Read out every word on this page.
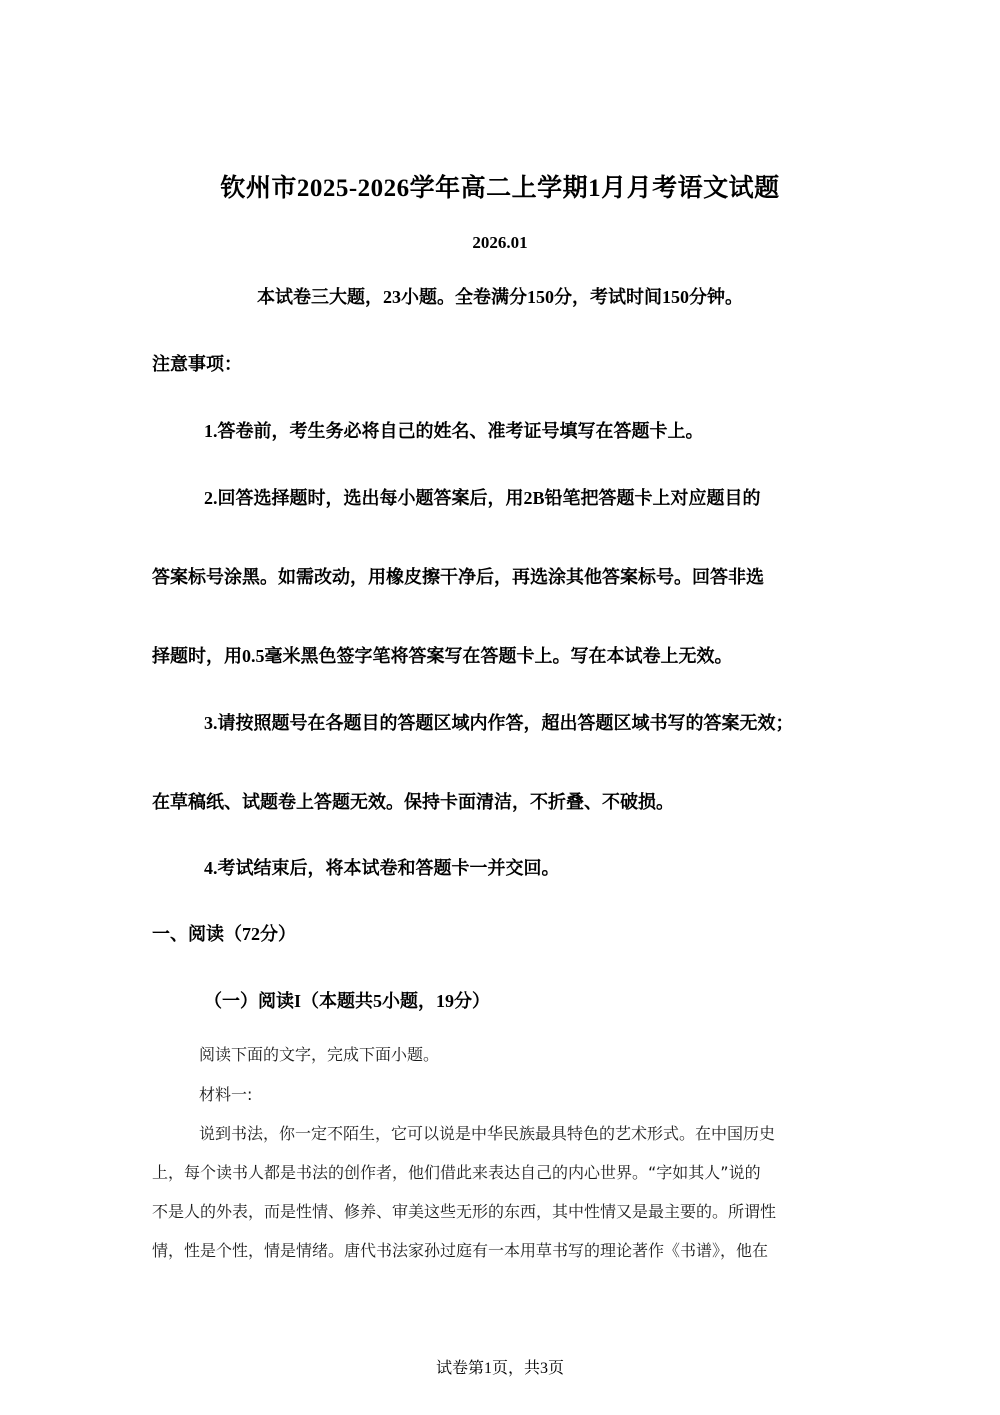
钦州市2025-2026学年高二上学期1月月考语文试题
2026.01
本试卷三大题，23小题。全卷满分150分，考试时间150分钟。
注意事项：
1.答卷前，考生务必将自己的姓名、准考证号填写在答题卡上。
2.回答选择题时，选出每小题答案后，用2B铅笔把答题卡上对应题目的
答案标号涂黑。如需改动，用橡皮擦干净后，再选涂其他答案标号。回答非选
择题时，用0.5毫米黑色签字笔将答案写在答题卡上。写在本试卷上无效。
3.请按照题号在各题目的答题区域内作答，超出答题区域书写的答案无效；
在草稿纸、试题卷上答题无效。保持卡面清洁，不折叠、不破损。
4.考试结束后，将本试卷和答题卡一并交回。
一、阅读（72分）
（一）阅读I（本题共5小题，19分）
阅读下面的文字，完成下面小题。
材料一:
说到书法，你一定不陌生，它可以说是中华民族最具特色的艺术形式。在中国历史
上，每个读书人都是书法的创作者，他们借此来表达自己的内心世界。“字如其人”说的
不是人的外表，而是性情、修养、审美这些无形的东西，其中性情又是最主要的。所谓性
情，性是个性，情是情绪。唐代书法家孙过庭有一本用草书写的理论著作《书谱》，他在
试卷第1页，共3页
